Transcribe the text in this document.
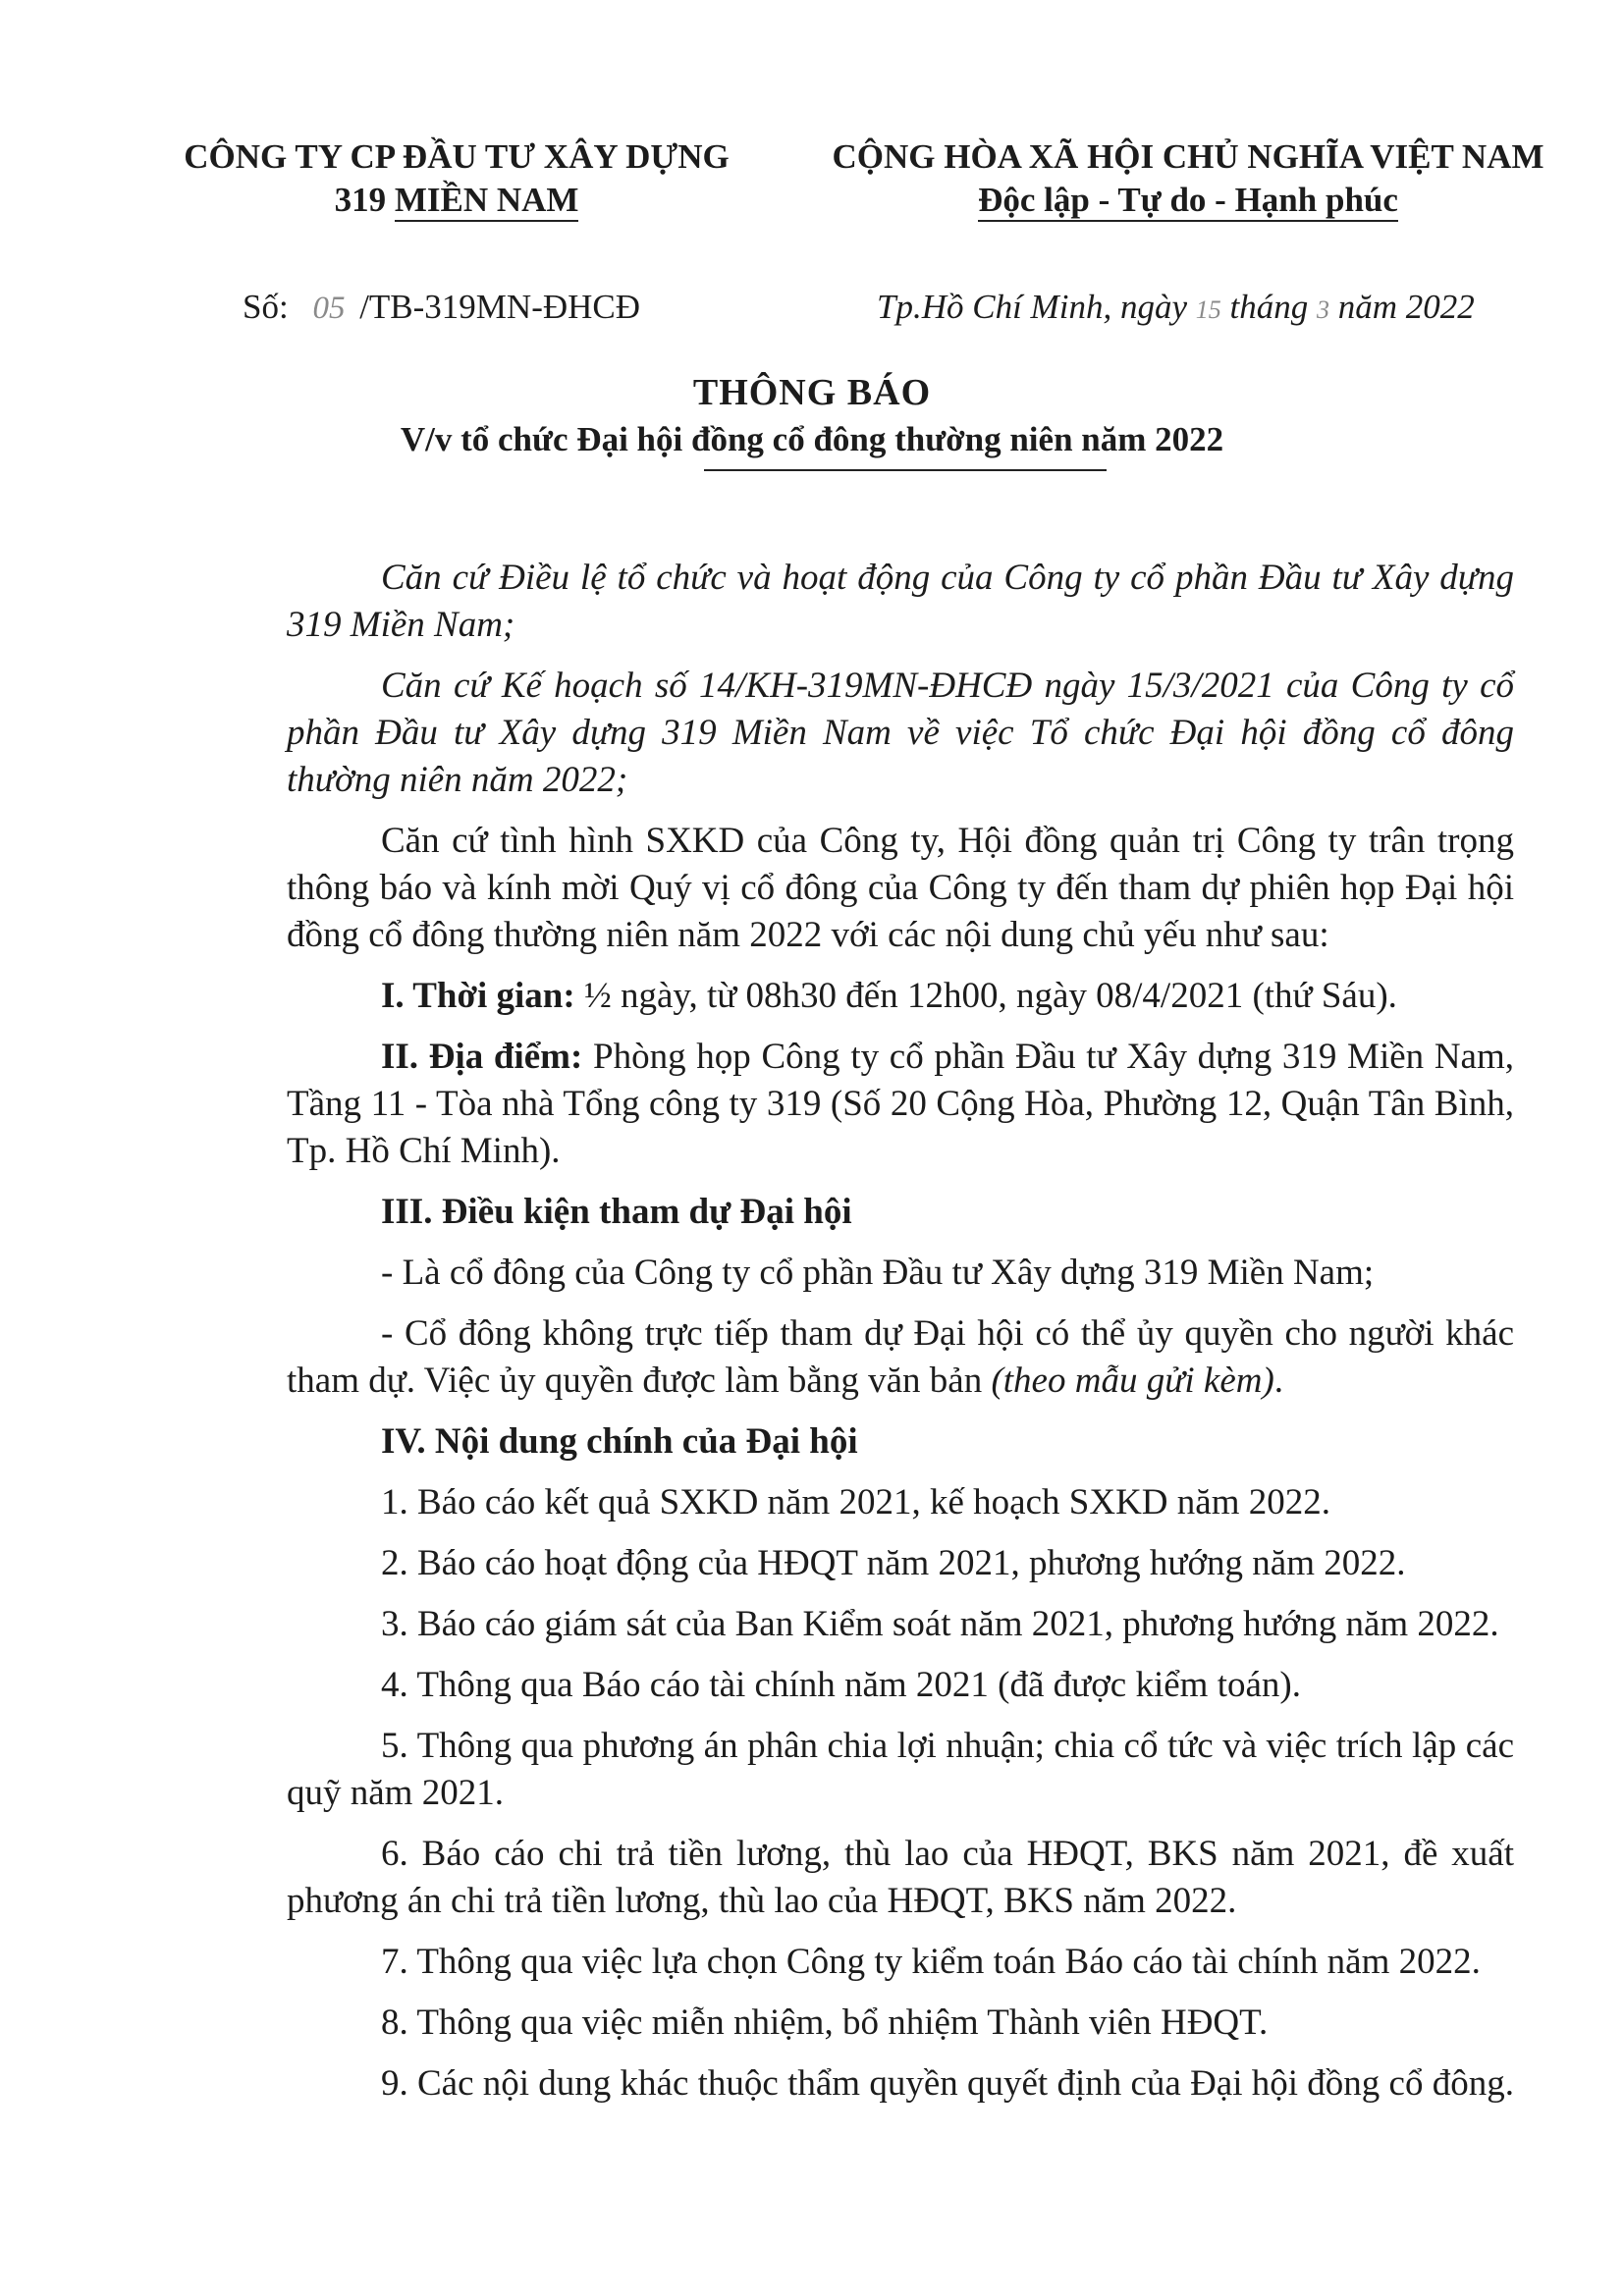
CÔNG TY CP ĐẦU TƯ XÂY DỰNG
319 MIỀN NAM
CỘNG HÒA XÃ HỘI CHỦ NGHĨA VIỆT NAM
Độc lập - Tự do - Hạnh phúc
Số: 05 /TB-319MN-ĐHCĐ	Tp.Hồ Chí Minh, ngày 15 tháng 3 năm 2022
THÔNG BÁO
V/v tổ chức Đại hội đồng cổ đông thường niên năm 2022

Căn cứ Điều lệ tổ chức và hoạt động của Công ty cổ phần Đầu tư Xây dựng 319 Miền Nam;

Căn cứ Kế hoạch số 14/KH-319MN-ĐHCĐ ngày 15/3/2021 của Công ty cổ phần Đầu tư Xây dựng 319 Miền Nam về việc Tổ chức Đại hội đồng cổ đông thường niên năm 2022;

Căn cứ tình hình SXKD của Công ty, Hội đồng quản trị Công ty trân trọng thông báo và kính mời Quý vị cổ đông của Công ty đến tham dự phiên họp Đại hội đồng cổ đông thường niên năm 2022 với các nội dung chủ yếu như sau:

I. Thời gian: ½ ngày, từ 08h30 đến 12h00, ngày 08/4/2021 (thứ Sáu).

II. Địa điểm: Phòng họp Công ty cổ phần Đầu tư Xây dựng 319 Miền Nam, Tầng 11 - Tòa nhà Tổng công ty 319 (Số 20 Cộng Hòa, Phường 12, Quận Tân Bình, Tp. Hồ Chí Minh).

III. Điều kiện tham dự Đại hội

- Là cổ đông của Công ty cổ phần Đầu tư Xây dựng 319 Miền Nam;

- Cổ đông không trực tiếp tham dự Đại hội có thể ủy quyền cho người khác tham dự. Việc ủy quyền được làm bằng văn bản (theo mẫu gửi kèm).

IV. Nội dung chính của Đại hội

1. Báo cáo kết quả SXKD năm 2021, kế hoạch SXKD năm 2022.

2. Báo cáo hoạt động của HĐQT năm 2021, phương hướng năm 2022.

3. Báo cáo giám sát của Ban Kiểm soát năm 2021, phương hướng năm 2022.

4. Thông qua Báo cáo tài chính năm 2021 (đã được kiểm toán).

5. Thông qua phương án phân chia lợi nhuận; chia cổ tức và việc trích lập các quỹ năm 2021.

6. Báo cáo chi trả tiền lương, thù lao của HĐQT, BKS năm 2021, đề xuất phương án chi trả tiền lương, thù lao của HĐQT, BKS năm 2022.

7. Thông qua việc lựa chọn Công ty kiểm toán Báo cáo tài chính năm 2022.

8. Thông qua việc miễn nhiệm, bổ nhiệm Thành viên HĐQT.

9. Các nội dung khác thuộc thẩm quyền quyết định của Đại hội đồng cổ đông.
